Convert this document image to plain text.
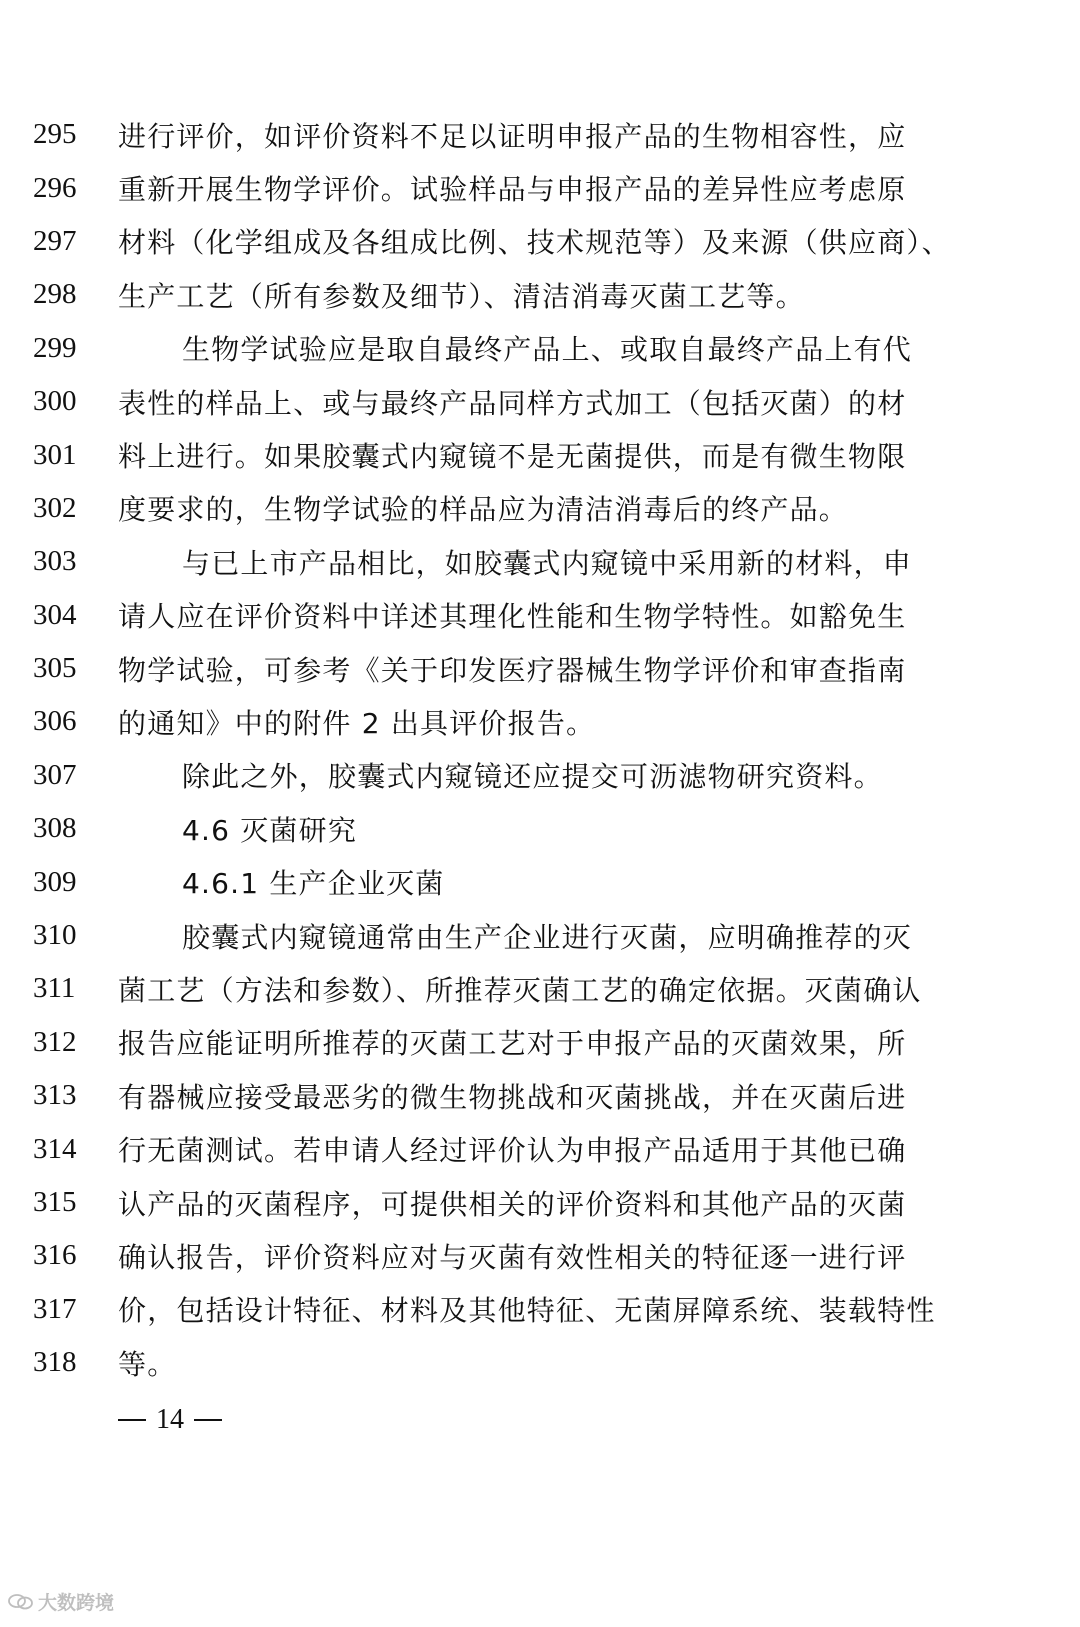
295	进行评价，如评价资料不足以证明申报产品的生物相容性，应
296	重新开展生物学评价。试验样品与申报产品的差异性应考虑原
297	材料（化学组成及各组成比例、技术规范等）及来源（供应商）、
298	生产工艺（所有参数及细节）、清洁消毒灭菌工艺等。
299	生物学试验应是取自最终产品上、或取自最终产品上有代
300	表性的样品上、或与最终产品同样方式加工（包括灭菌）的材
301	料上进行。如果胶囊式内窥镜不是无菌提供，而是有微生物限
302	度要求的，生物学试验的样品应为清洁消毒后的终产品。
303	与已上市产品相比，如胶囊式内窥镜中采用新的材料，申
304	请人应在评价资料中详述其理化性能和生物学特性。如豁免生
305	物学试验，可参考《关于印发医疗器械生物学评价和审查指南
306	的通知》中的附件 2 出具评价报告。
307	除此之外，胶囊式内窥镜还应提交可沥滤物研究资料。
308	4.6 灭菌研究
309	4.6.1 生产企业灭菌
310	胶囊式内窥镜通常由生产企业进行灭菌，应明确推荐的灭
311	菌工艺（方法和参数）、所推荐灭菌工艺的确定依据。灭菌确认
312	报告应能证明所推荐的灭菌工艺对于申报产品的灭菌效果，所
313	有器械应接受最恶劣的微生物挑战和灭菌挑战，并在灭菌后进
314	行无菌测试。若申请人经过评价认为申报产品适用于其他已确
315	认产品的灭菌程序，可提供相关的评价资料和其他产品的灭菌
316	确认报告，评价资料应对与灭菌有效性相关的特征逐一进行评
317	价，包括设计特征、材料及其他特征、无菌屏障系统、装载特性
318	等。
14
大数跨境
